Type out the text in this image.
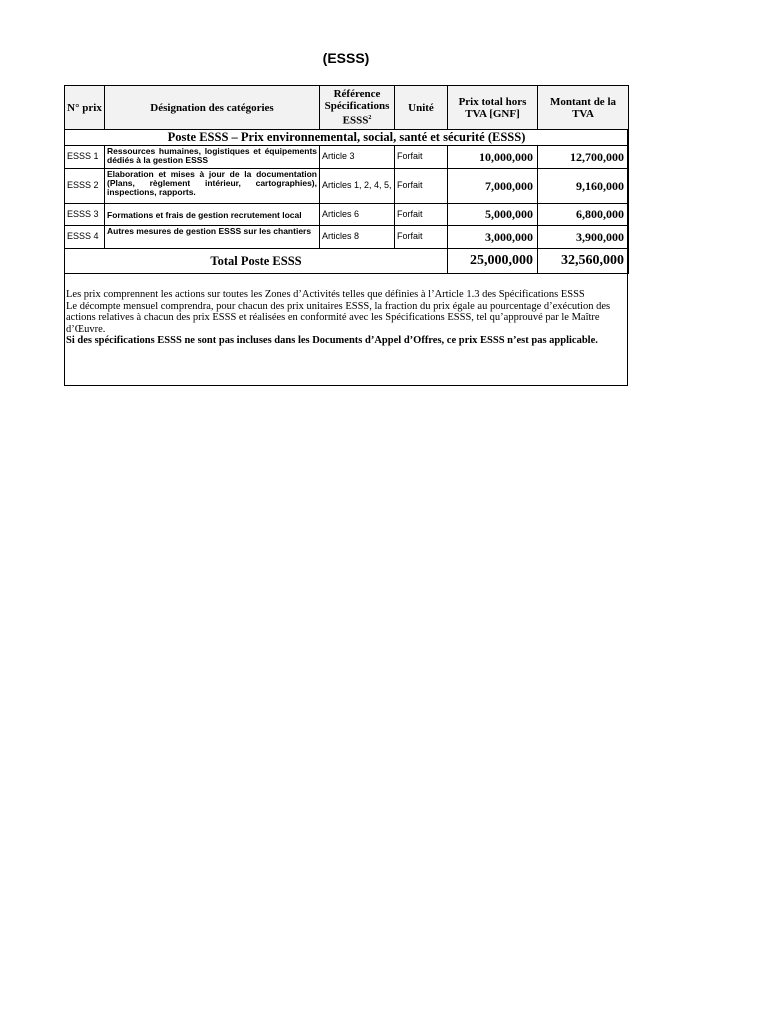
(ESSS)
N° prix	Désignation des catégories	Référence Spécifications ESSS$^2$	Unité	Prix total hors TVA [GNF]	Montant de la TVA
Poste ESSS – Prix environnemental, social, santé et sécurité (ESSS)					
ESSS 1	Ressources humaines, logistiques et équipements dédiés à la gestion ESSS	Article 3	Forfait	10,000,000	12,700,000
ESSS 2	Elaboration et mises à jour de la documentation (Plans, règlement intérieur, cartographies), inspections, rapports.	Articles 1, 2, 4, 5,	Forfait	7,000,000	9,160,000
ESSS 3	Formations et frais de gestion recrutement local	Articles 6	Forfait	5,000,000	6,800,000
ESSS 4	Autres mesures de gestion ESSS sur les chantiers	Articles 8	Forfait	3,000,000	3,900,000
Total Poste ESSS				25,000,000	32,560,000

Les prix comprennent les actions sur toutes les Zones d’Activités telles que définies à l’Article 1.3 des Spécifications ESSS

Le décompte mensuel comprendra, pour chacun des prix unitaires ESSS, la fraction du prix égale au pourcentage d’exécution des actions relatives à chacun des prix ESSS et réalisées en conformité avec les Spécifications ESSS, tel qu’approuvé par le Maître d’Œuvre.

Si des spécifications ESSS ne sont pas incluses dans les Documents d’Appel d’Offres, ce prix ESSS n’est pas applicable.
